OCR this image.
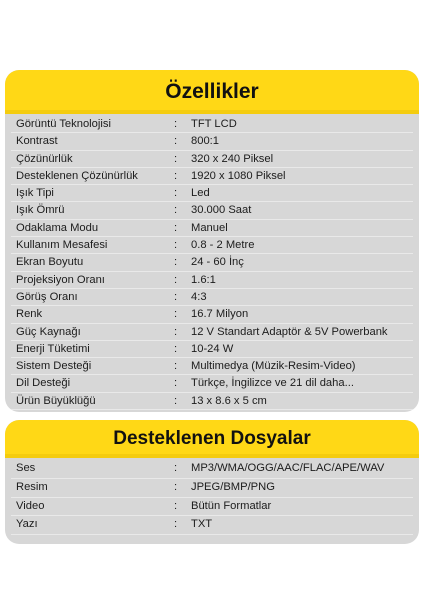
Özellikler
Görüntü Teknolojisi	: TFT LCD
Kontrast	: 800:1
Çözünürlük	: 320 x 240 Piksel
Desteklenen Çözünürlük	: 1920 x 1080 Piksel
Işık Tipi	: Led
Işık Ömrü	: 30.000 Saat
Odaklama Modu	: Manuel
Kullanım Mesafesi	: 0.8 - 2 Metre
Ekran Boyutu	: 24 - 60 İnç
Projeksiyon Oranı	: 1.6:1
Görüş Oranı	: 4:3
Renk	: 16.7 Milyon
Güç Kaynağı	: 12 V Standart Adaptör & 5V Powerbank
Enerji Tüketimi	: 10-24 W
Sistem Desteği	: Multimedya (Müzik-Resim-Video)
Dil Desteği	: Türkçe, İngilizce ve 21 dil daha...
Ürün Büyüklüğü	: 13 x 8.6 x 5 cm
Desteklenen Dosyalar
Ses	: MP3/WMA/OGG/AAC/FLAC/APE/WAV
Resim	: JPEG/BMP/PNG
Video	: Bütün Formatlar
Yazı	: TXT
